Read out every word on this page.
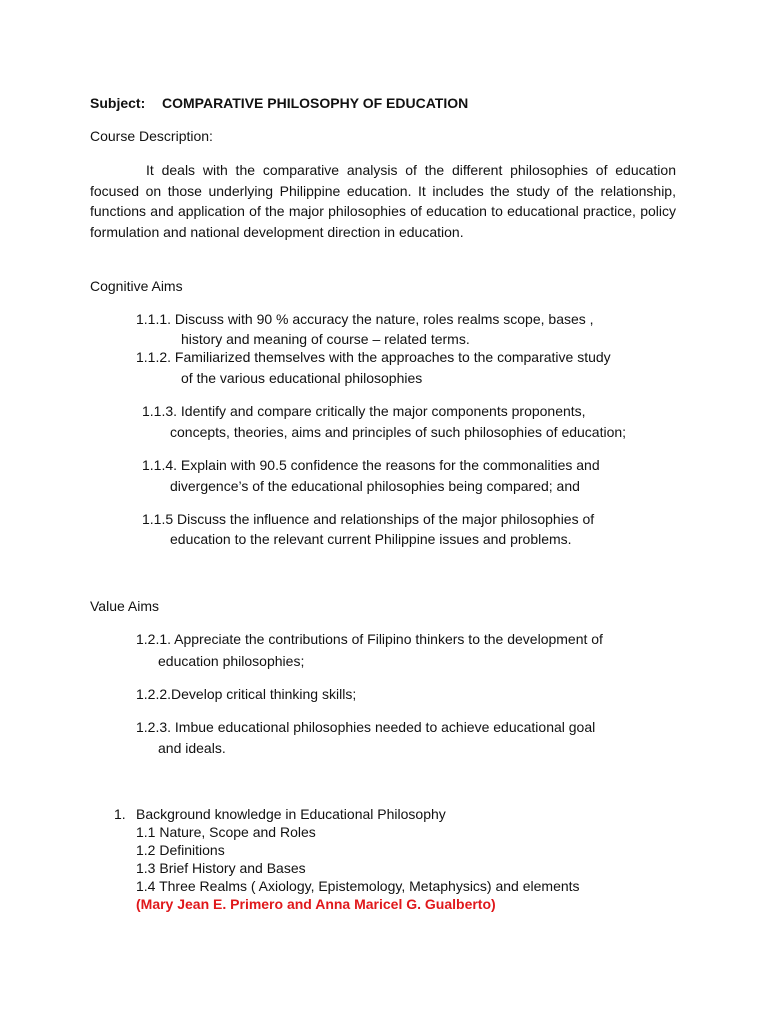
Subject: COMPARATIVE PHILOSOPHY OF EDUCATION
Course Description:
It deals with the comparative analysis of the different philosophies of education focused on those underlying Philippine education. It includes the study of the relationship, functions and application of the major philosophies of education to educational practice, policy formulation and national development direction in education.
Cognitive Aims
1.1.1. Discuss with 90 % accuracy the nature, roles realms scope, bases ,
history and meaning of course – related terms.
1.1.2. Familiarized themselves with the approaches to the comparative study
of the various educational philosophies
1.1.3. Identify and compare critically the major components proponents,
concepts, theories, aims and principles of such philosophies of education;
1.1.4. Explain with 90.5 confidence the reasons for the commonalities and
divergence’s of the educational philosophies being compared; and
1.1.5 Discuss the influence and relationships of the major philosophies of
education to the relevant current Philippine issues and problems.
Value Aims
1.2.1. Appreciate the contributions of Filipino thinkers to the development of
education philosophies;
1.2.2.Develop critical thinking skills;
1.2.3. Imbue educational philosophies needed to achieve educational goal
and ideals.
1. Background knowledge in Educational Philosophy
1.1 Nature, Scope and Roles
1.2 Definitions
1.3 Brief History and Bases
1.4 Three Realms ( Axiology, Epistemology, Metaphysics) and elements
(Mary Jean E. Primero and Anna Maricel G. Gualberto)
